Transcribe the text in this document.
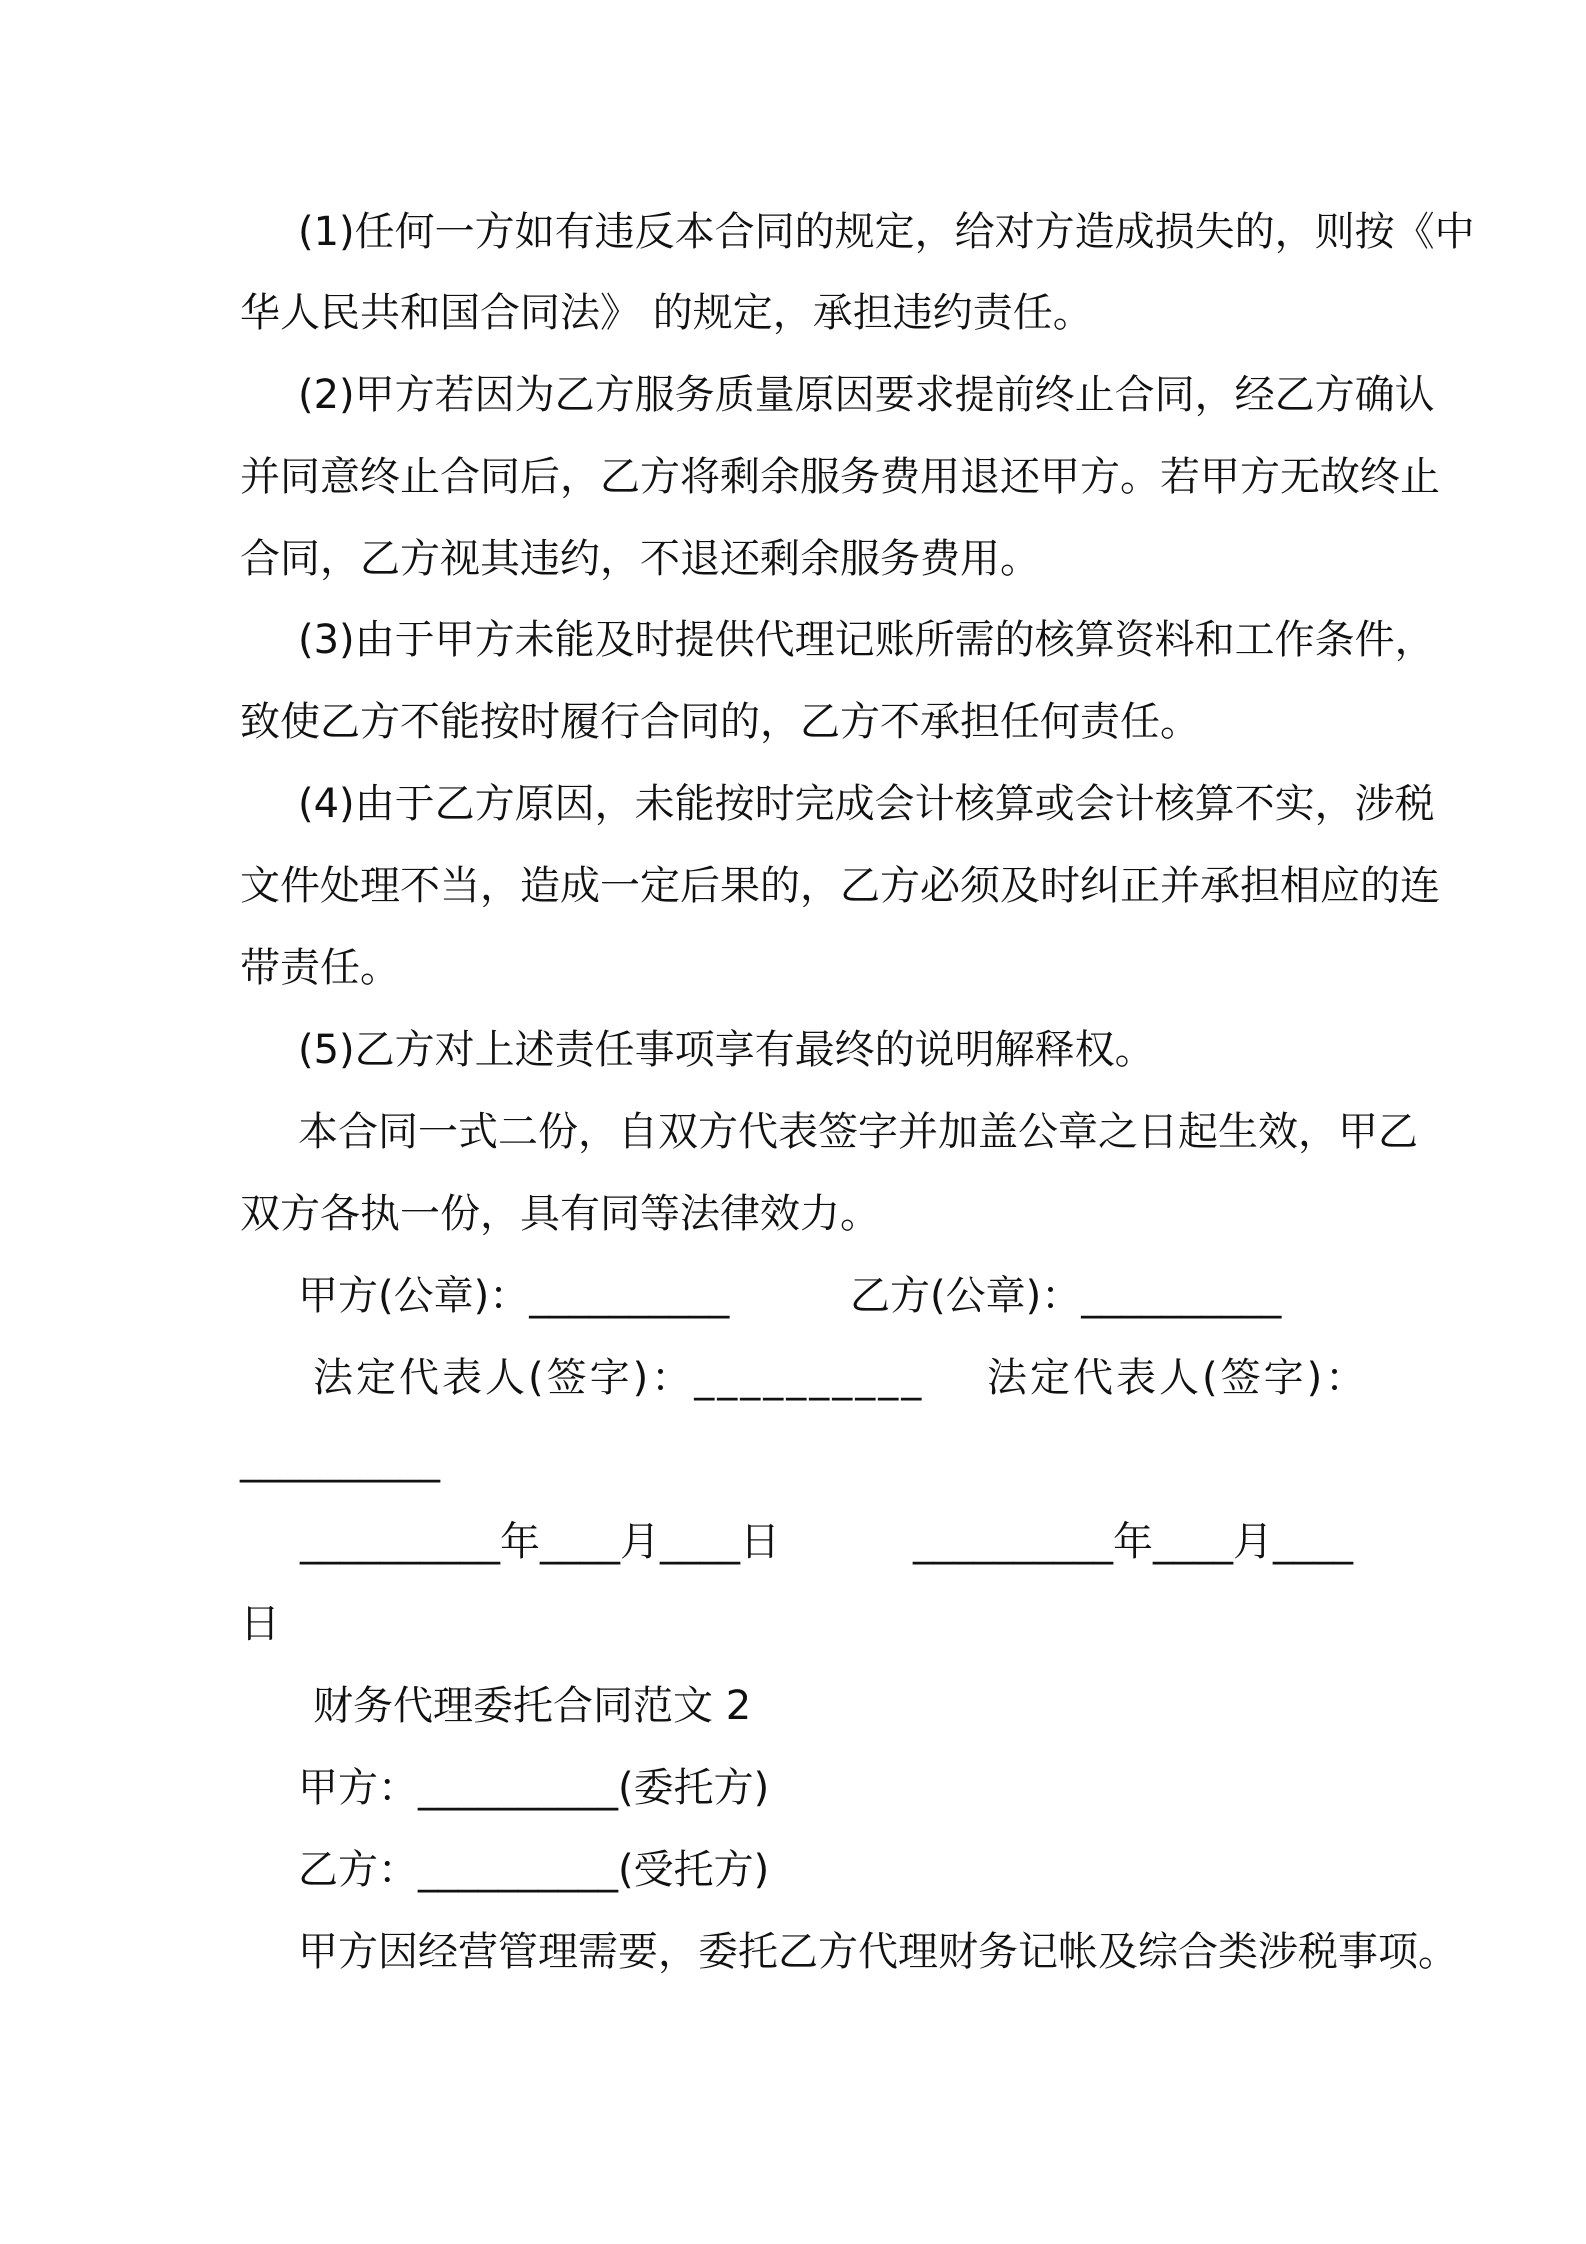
(1)任何一方如有违反本合同的规定，给对方造成损失的，则按《中
华人民共和国合同法》 的规定，承担违约责任。
(2)甲方若因为乙方服务质量原因要求提前终止合同，经乙方确认
并同意终止合同后，乙方将剩余服务费用退还甲方。若甲方无故终止
合同，乙方视其违约，不退还剩余服务费用。
(3)由于甲方未能及时提供代理记账所需的核算资料和工作条件，
致使乙方不能按时履行合同的，乙方不承担任何责任。
(4)由于乙方原因，未能按时完成会计核算或会计核算不实，涉税
文件处理不当，造成一定后果的，乙方必须及时纠正并承担相应的连
带责任。
(5)乙方对上述责任事项享有最终的说明解释权。
本合同一式二份，自双方代表签字并加盖公章之日起生效，甲乙
双方各执一份，具有同等法律效力。
甲方(公章)：__________	乙方(公章)：__________
法定代表人(签字)：__________ 法定代表人(签字)：
__________
__________年____月____日	__________年____月____
日
财务代理委托合同范文 2
甲方：__________(委托方)
乙方：__________(受托方)
甲方因经营管理需要，委托乙方代理财务记帐及综合类涉税事项。
